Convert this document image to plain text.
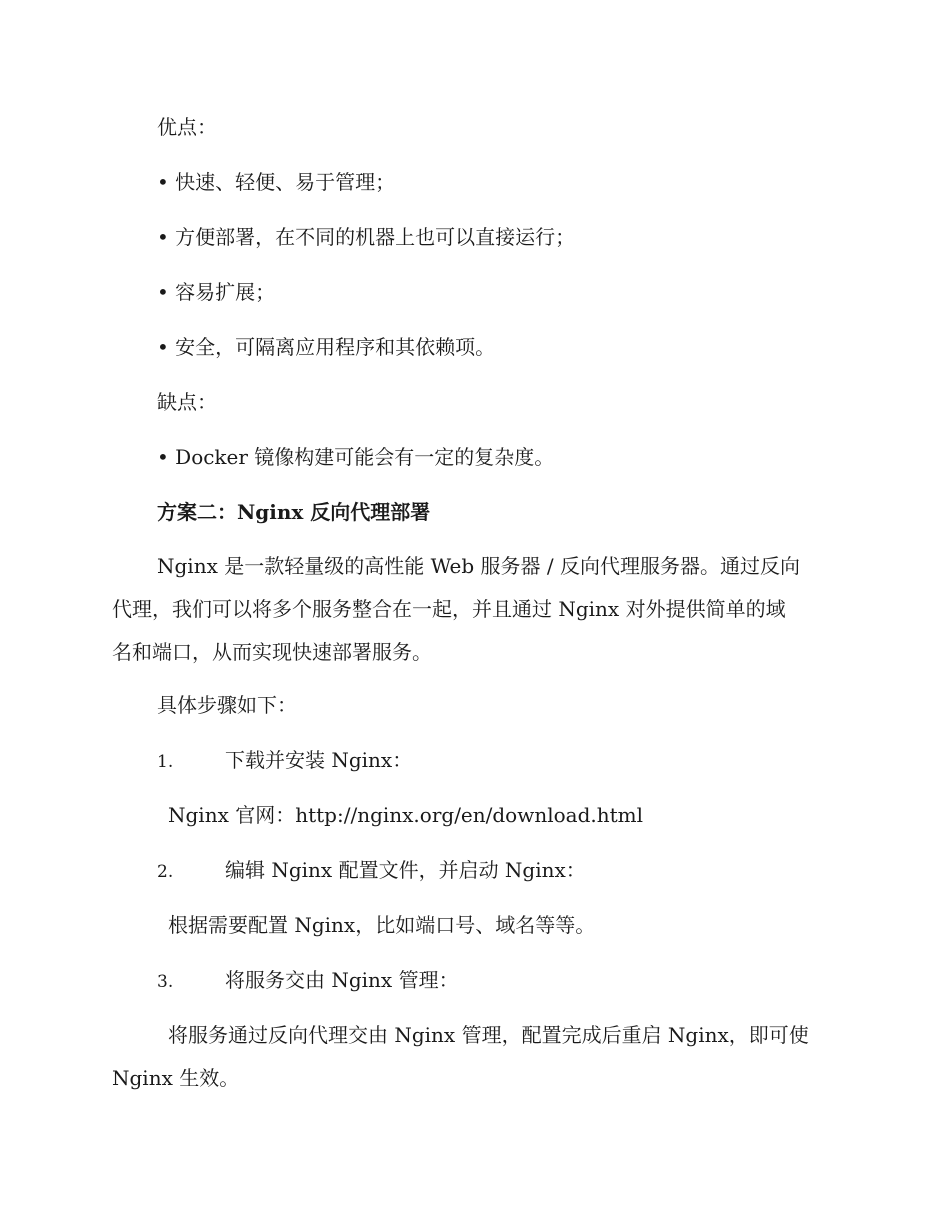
优点：

• 快速、轻便、易于管理；

• 方便部署，在不同的机器上也可以直接运行；

• 容易扩展；

• 安全，可隔离应用程序和其依赖项。

缺点：

• Docker 镜像构建可能会有一定的复杂度。

方案二：Nginx 反向代理部署

Nginx 是一款轻量级的高性能 Web 服务器 / 反向代理服务器。通过反向

代理，我们可以将多个服务整合在一起，并且通过 Nginx 对外提供简单的域

名和端口，从而实现快速部署服务。

具体步骤如下：

1.	下载并安装 Nginx：

Nginx 官网：http://nginx.org/en/download.html

2.	编辑 Nginx 配置文件，并启动 Nginx：

根据需要配置 Nginx，比如端口号、域名等等。

3.	将服务交由 Nginx 管理：

将服务通过反向代理交由 Nginx 管理，配置完成后重启 Nginx，即可使

Nginx 生效。
